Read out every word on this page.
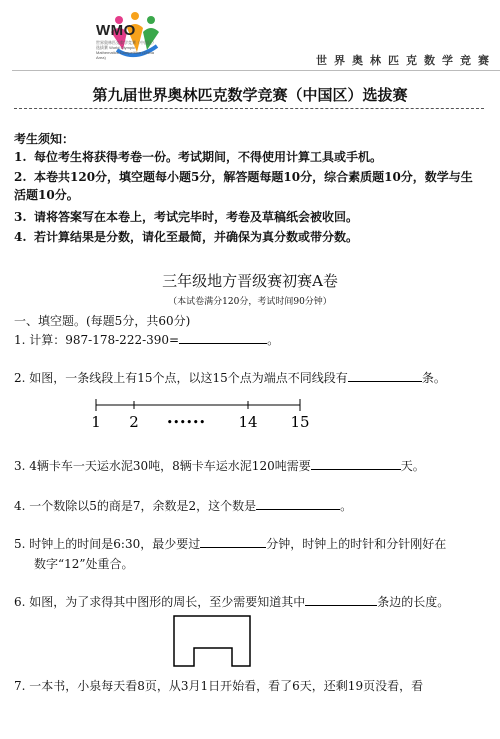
WMO
世界奥林匹克数学竞赛（中国区）选拔赛 World Olympic Mathematics Competition (China Area)	世界奥林匹克数学竞赛
第九届世界奥林匹克数学竞赛（中国区）选拔赛
考生须知：
1. 每位考生将获得考卷一份。考试期间，不得使用计算工具或手机。
2. 本卷共120分，填空题每小题5分，解答题每题10分，综合素质题10分，数学与生活题10分。
3. 请将答案写在本卷上，考试完毕时，考卷及草稿纸会被收回。
4. 若计算结果是分数，请化至最简，并确保为真分数或带分数。
三年级地方晋级赛初赛A卷
（本试卷满分120分，考试时间90分钟）
一、填空题。(每题5分，共60分)
1. 计算：987-178-222-390=	。
2. 如图，一条线段上有15个点，以这15个点为端点不同线段有	条。
1 2	•••••• 14 15
3. 4辆卡车一天运水泥30吨，8辆卡车运水泥120吨需要	天。
4. 一个数除以5的商是7，余数是2，这个数是	。
5. 时钟上的时间是6:30，最少要过	分钟，时钟上的时针和分针刚好在
数字“12”处重合。
6. 如图，为了求得其中图形的周长，至少需要知道其中	条边的长度。
7. 一本书，小泉每天看8页，从3月1日开始看，看了6天，还剩19页没看，看
